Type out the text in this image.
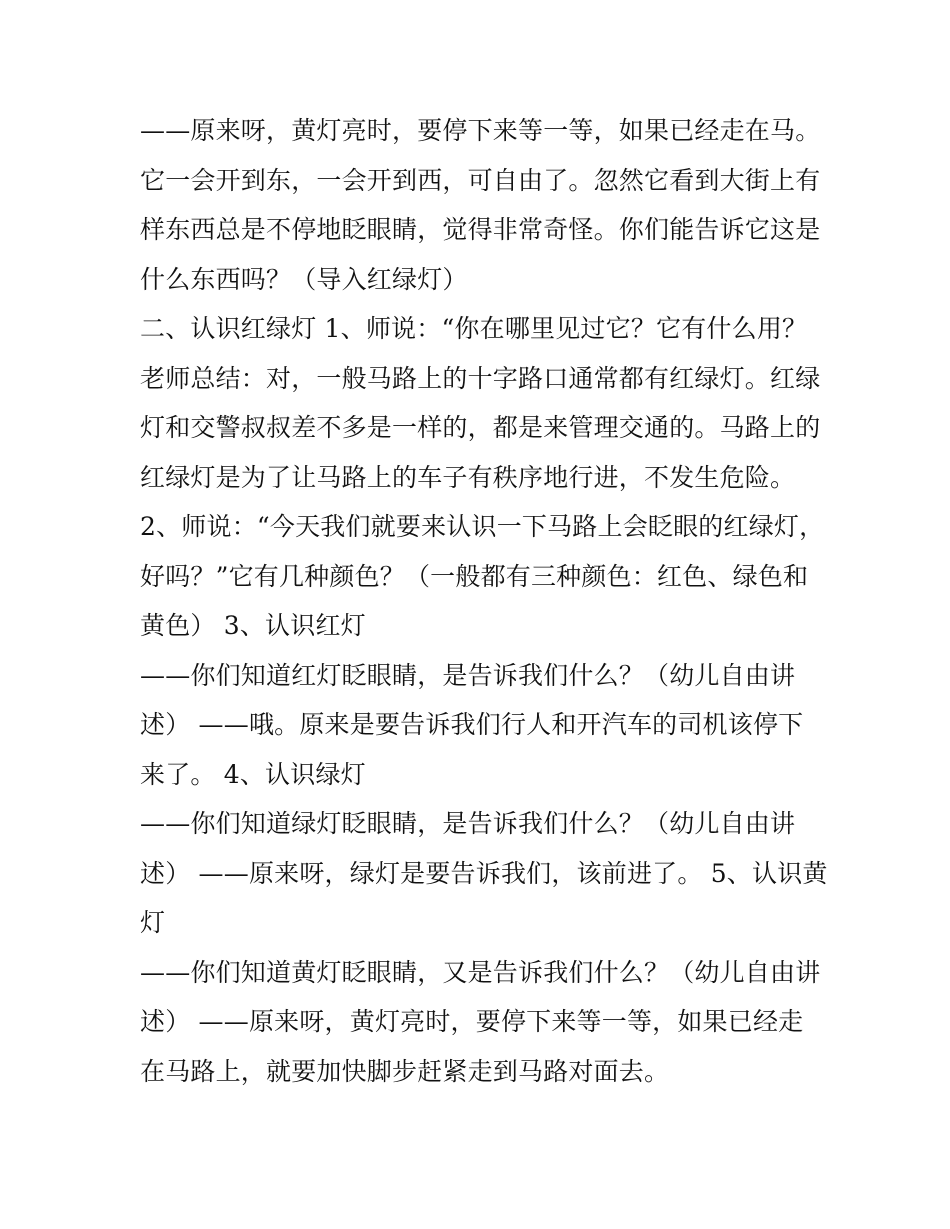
——原来呀，黄灯亮时，要停下来等一等，如果已经走在马。
它一会开到东，一会开到西，可自由了。忽然它看到大街上有
样东西总是不停地眨眼睛，觉得非常奇怪。你们能告诉它这是
什么东西吗？（导入红绿灯）
二、认识红绿灯 1、师说：“你在哪里见过它？它有什么用？
老师总结：对，一般马路上的十字路口通常都有红绿灯。红绿
灯和交警叔叔差不多是一样的，都是来管理交通的。马路上的
红绿灯是为了让马路上的车子有秩序地行进，不发生危险。
2、师说：“今天我们就要来认识一下马路上会眨眼的红绿灯，
好吗？”它有几种颜色？（一般都有三种颜色：红色、绿色和
黄色） 3、认识红灯
——你们知道红灯眨眼睛，是告诉我们什么？（幼儿自由讲
述） ——哦。原来是要告诉我们行人和开汽车的司机该停下
来了。 4、认识绿灯
——你们知道绿灯眨眼睛，是告诉我们什么？（幼儿自由讲
述） ——原来呀，绿灯是要告诉我们，该前进了。 5、认识黄
灯
——你们知道黄灯眨眼睛，又是告诉我们什么？（幼儿自由讲
述） ——原来呀，黄灯亮时，要停下来等一等，如果已经走
在马路上，就要加快脚步赶紧走到马路对面去。
